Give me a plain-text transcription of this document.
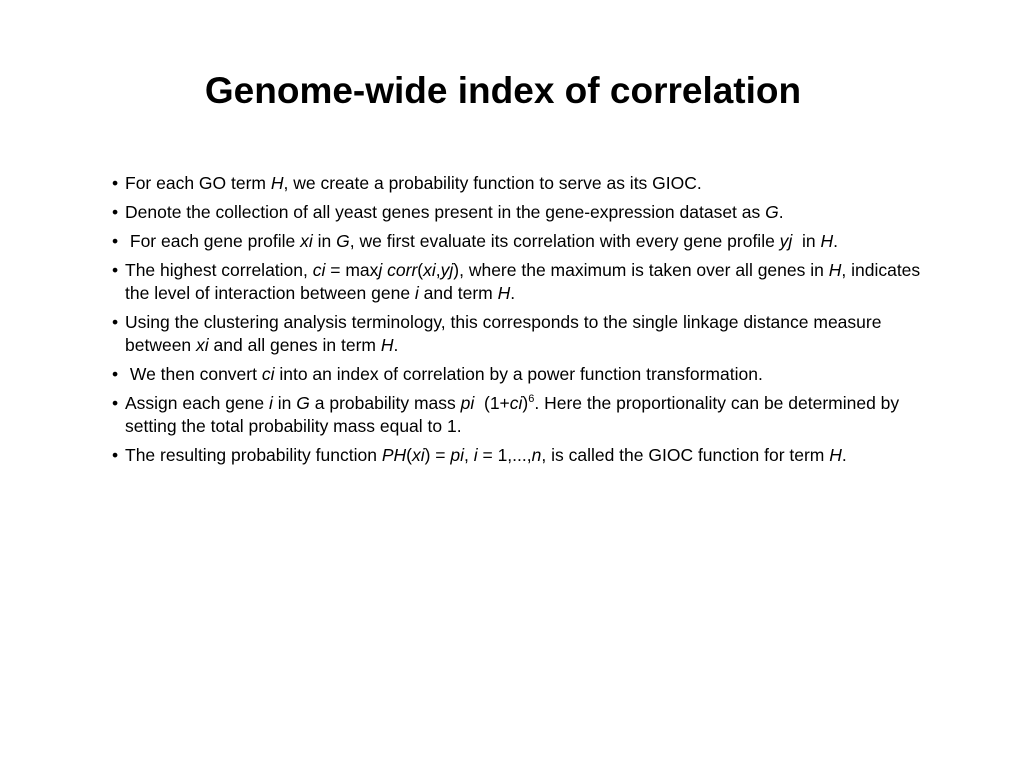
Genome-wide index of correlation
• For each GO term H, we create a probability function to serve as its GIOC.
• Denote the collection of all yeast genes present in the gene-expression dataset as G.
• For each gene profile xi in G, we first evaluate its correlation with every gene profile yj  in H.
• The highest correlation, ci = maxj corr(xi,yj), where the maximum is taken over all genes in H, indicates the level of interaction between gene i and term H.
• Using the clustering analysis terminology, this corresponds to the single linkage distance measure between xi and all genes in term H.
• We then convert ci into an index of correlation by a power function transformation.
• Assign each gene i in G a probability mass pi  $(1+ci)^6$. Here the proportionality can be determined by setting the total probability mass equal to 1.
• The resulting probability function PH(xi) = pi, i = 1,...,n, is called the GIOC function for term H.
